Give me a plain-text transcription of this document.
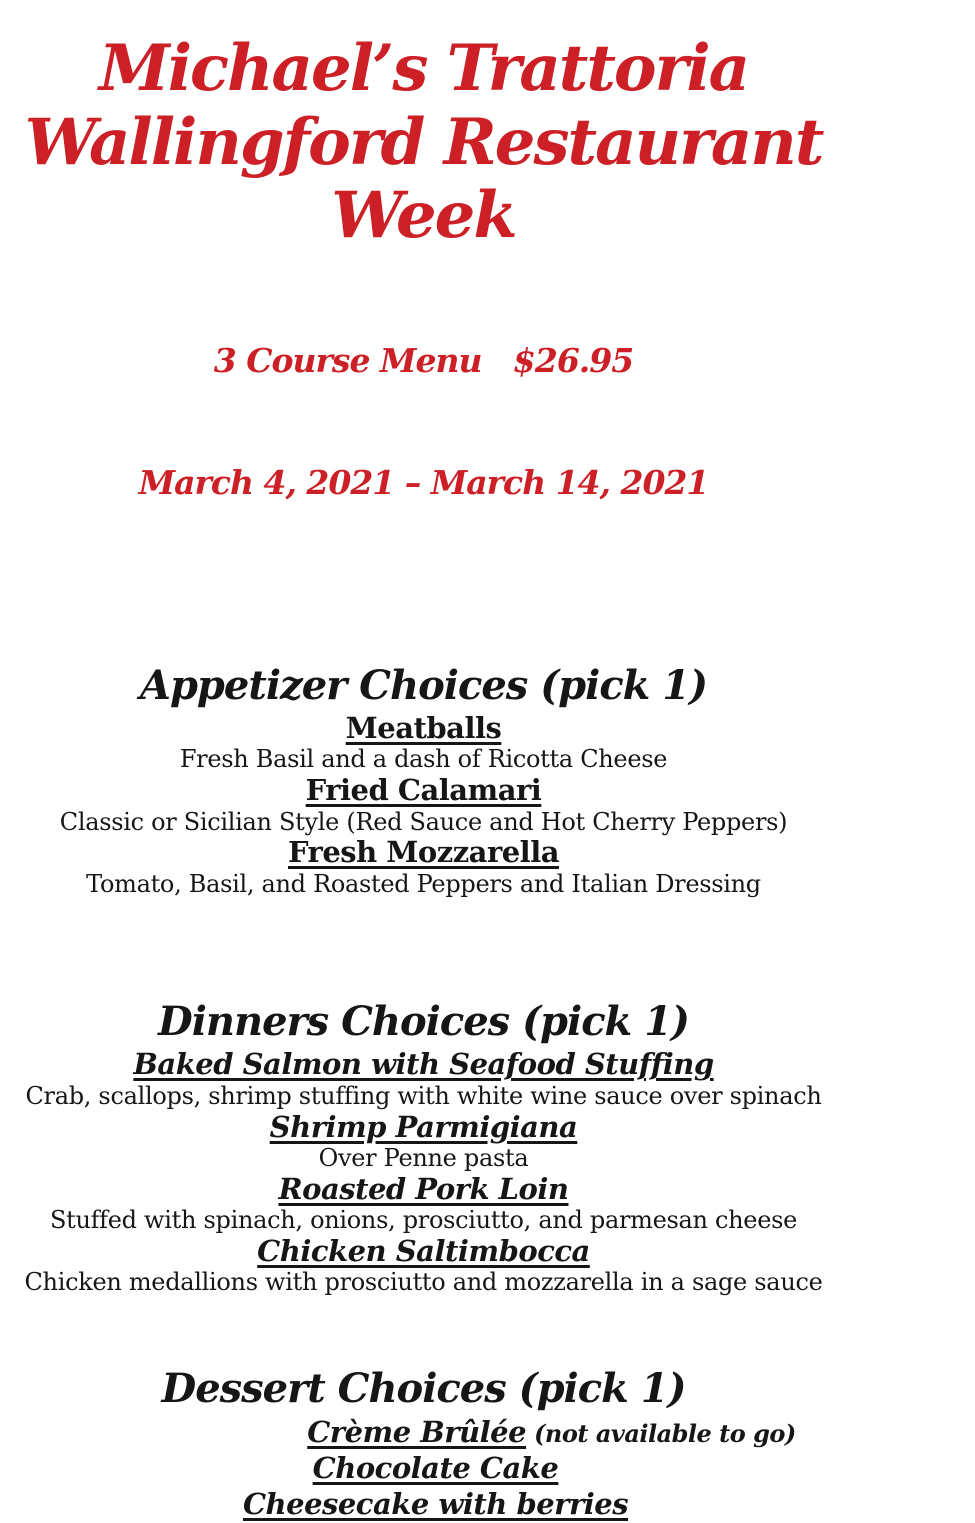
Michael’s Trattoria
Wallingford Restaurant
Week

3 Course Menu   $26.95

March 4, 2021 – March 14, 2021

Appetizer Choices (pick 1)
Meatballs
Fresh Basil and a dash of Ricotta Cheese
Fried Calamari
Classic or Sicilian Style (Red Sauce and Hot Cherry Peppers)
Fresh Mozzarella
Tomato, Basil, and Roasted Peppers and Italian Dressing
Dinners Choices (pick 1)
Baked Salmon with Seafood Stuffing
Crab, scallops, shrimp stuffing with white wine sauce over spinach
Shrimp Parmigiana
Over Penne pasta
Roasted Pork Loin
Stuffed with spinach, onions, prosciutto, and parmesan cheese
Chicken Saltimbocca
Chicken medallions with prosciutto and mozzarella in a sage sauce
Dessert Choices (pick 1)
Crème Brûlée (not available to go)
Chocolate Cake
Cheesecake with berries
